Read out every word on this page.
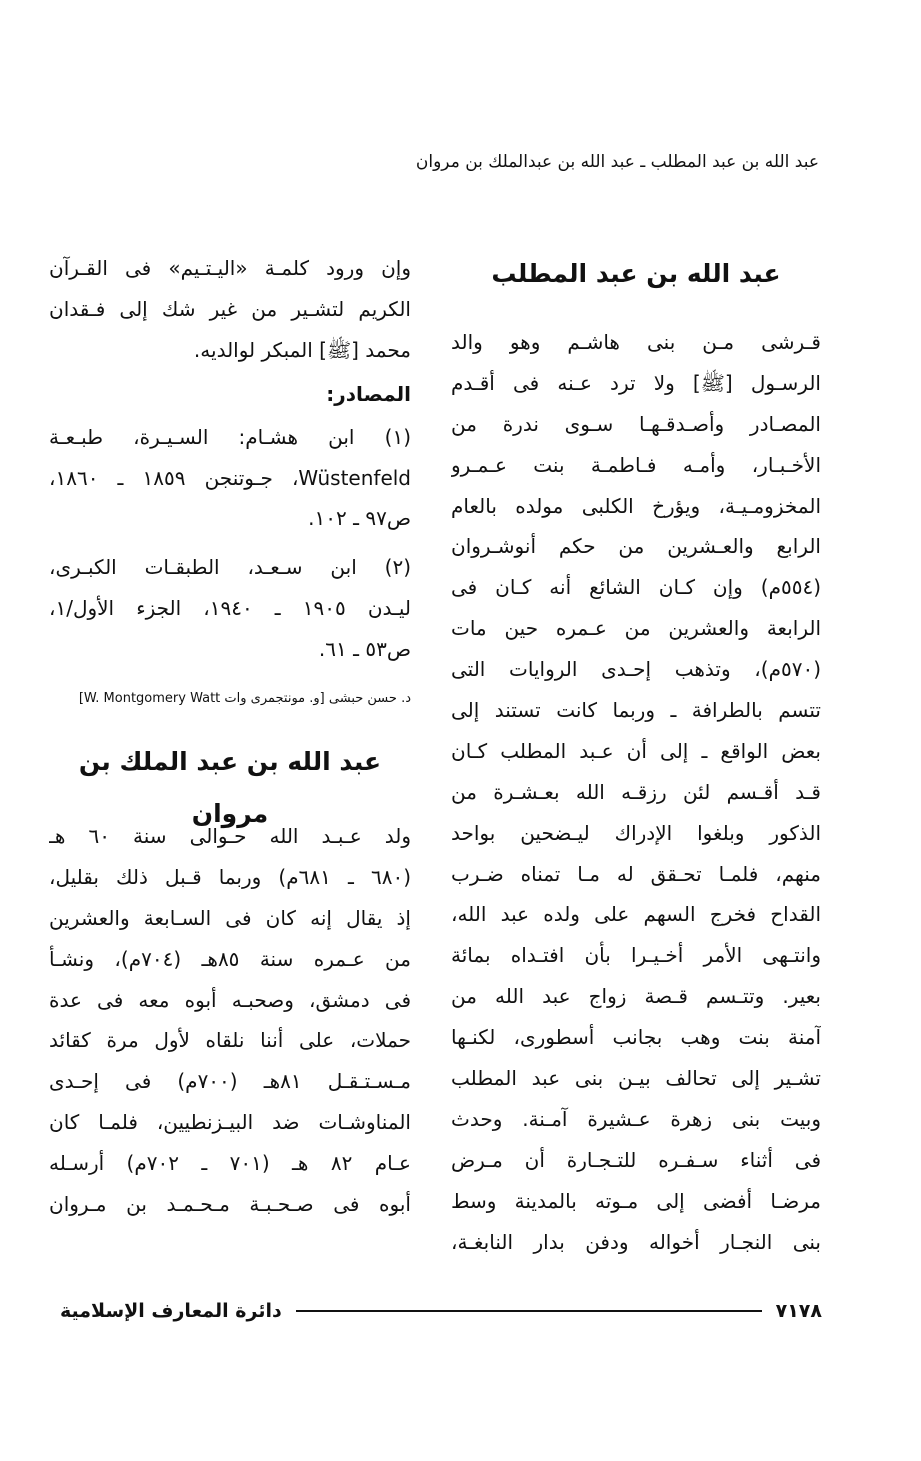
عبد الله بن عبد المطلب ـ عبد الله بن عبدالملك بن مروان
عبد الله بن عبد المطلب
قـرشى مـن بنى هاشـم وهو والد
الرسـول [ﷺ] ولا ترد عـنه فى أقـدم
المصـادر وأصـدقـهـا سـوى ندرة من
الأخـبـار، وأمـه فـاطمـة بنت عـمـرو
المخزومـيـة، ويؤرخ الكلبى مولده بالعام
الرابع والعـشرين من حكم أنوشـروان
(٥٥٤م) وإن كـان الشائع أنه كـان فى
الرابعة والعشرين من عـمره حين مات
(٥٧٠م)، وتذهب إحـدى الروايات التى
تتسم بالطرافة ـ وربما كانت تستند إلى
بعض الواقع ـ إلى أن عـبد المطلب كـان
قـد أقـسم لئن رزقـه الله بعـشـرة من
الذكور وبلغوا الإدراك ليـضحين بواحد
منهم، فلمـا تحـقق له مـا تمناه ضـرب
القداح فخرج السهم على ولده عبد الله،
وانتـهى الأمر أخـيـرا بأن افتـداه بمائة
بعير. وتتـسم قـصة زواج عبد الله من
آمنة بنت وهب بجانب أسطورى، لكنـها
تشـير إلى تحالف بيـن بنى عبد المطلب
وبيت بنى زهرة عـشيرة آمـنة. وحدث
فى أثناء سـفـره للتـجـارة أن مـرض
مرضـا أفضى إلى مـوته بالمدينة وسط
بنى النجـار أخواله ودفن بدار النابغـة،
وإن ورود كلمـة «اليـتـيم» فى القـرآن
الكريم لتشـير من غير شك إلى فـقدان
محمد [ﷺ] المبكر لوالديه.
المصادر:
(١) ابن هشـام: السـيـرة، طبـعـة
Wüstenfeld، جـوتنجن ١٨٥٩ ـ ١٨٦٠،
ص٩٧ ـ ١٠٢.
(٢) ابن سـعـد، الطبقـات الكبـرى،
ليـدن ١٩٠٥ ـ ١٩٤٠، الجزء الأول/١،
ص٥٣ ـ ٦١.
د. حسن حبشى [و. مونتجمرى وات W. Montgomery Watt]
عبد الله بن عبد الملك بن مروان
ولد عـبـد الله حـوالى سنة ٦٠ هـ
(٦٨٠ ـ ٦٨١م) وربما قـبل ذلك بقليل،
إذ يقال إنه كان فى السـابعة والعشرين
من عـمره سنة ٨٥هـ (٧٠٤م)، ونشـأ
فى دمشق، وصحبـه أبوه معه فى عدة
حملات، على أننا نلقاه لأول مرة كقائد
مـسـتـقـل ٨١هـ (٧٠٠م) فى إحـدى
المناوشـات ضد البيـزنطيين، فلمـا كان
عـام ٨٢ هـ (٧٠١ ـ ٧٠٢م) أرسـله
أبوه فى صـحـبـة مـحـمـد بن مـروان
٧١٧٨
دائرة المعارف الإسلامية
